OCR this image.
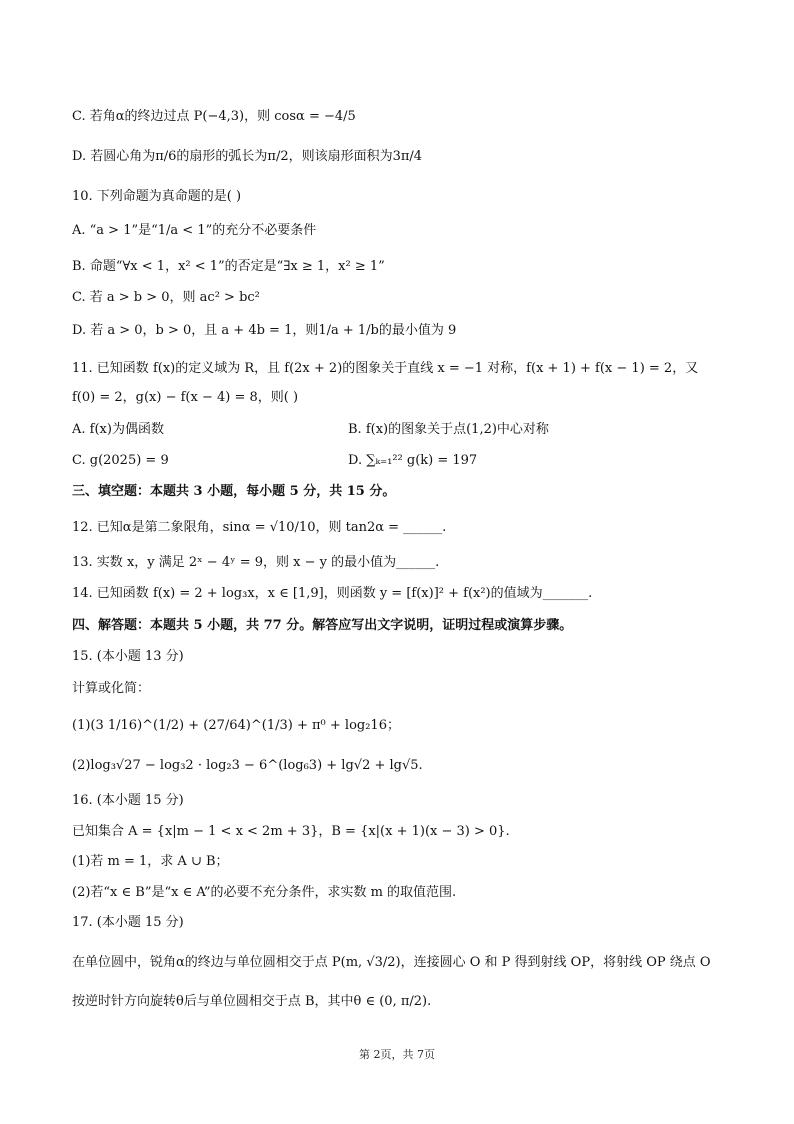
C. 若角α的终边过点 P(−4,3)，则 cosα = −4/5
D. 若圆心角为π/6的扇形的弧长为π/2，则该扇形面积为3π/4
10. 下列命题为真命题的是( )
A. “a > 1”是“1/a < 1”的充分不必要条件
B. 命题“∀x < 1，x² < 1”的否定是“∃x ≥ 1，x² ≥ 1”
C. 若 a > b > 0，则 ac² > bc²
D. 若 a > 0，b > 0，且 a + 4b = 1，则1/a + 1/b的最小值为 9
11. 已知函数 f(x)的定义域为 R，且 f(2x + 2)的图象关于直线 x = −1 对称，f(x + 1) + f(x − 1) = 2，又
f(0) = 2，g(x) − f(x − 4) = 8，则( )
A. f(x)为偶函数	B. f(x)的图象关于点(1,2)中心对称
C. g(2025) = 9	D. ∑ₖ₌₁²² g(k) = 197
三、填空题：本题共 3 小题，每小题 5 分，共 15 分。
12. 已知α是第二象限角，sinα = √10/10，则 tan2α = ______.
13. 实数 x，y 满足 2ˣ − 4ʸ = 9，则 x − y 的最小值为______.
14. 已知函数 f(x) = 2 + log₃x，x ∈ [1,9]，则函数 y = [f(x)]² + f(x²)的值域为_______.
四、解答题：本题共 5 小题，共 77 分。解答应写出文字说明，证明过程或演算步骤。
15. (本小题 13 分)
计算或化简：
(1)(3 1/16)^(1/2) + (27/64)^(1/3) + π⁰ + log₂16；
(2)log₃√27 − log₃2 · log₂3 − 6^(log₆3) + lg√2 + lg√5.
16. (本小题 15 分)
已知集合 A = {x|m − 1 < x < 2m + 3}，B = {x|(x + 1)(x − 3) > 0}.
(1)若 m = 1，求 A ∪ B；
(2)若“x ∈ B”是“x ∈ A”的必要不充分条件，求实数 m 的取值范围.
17. (本小题 15 分)
在单位圆中，锐角α的终边与单位圆相交于点 P(m, √3/2)，连接圆心 O 和 P 得到射线 OP，将射线 OP 绕点 O
按逆时针方向旋转θ后与单位圆相交于点 B，其中θ ∈ (0, π/2).
第 2页，共 7页
